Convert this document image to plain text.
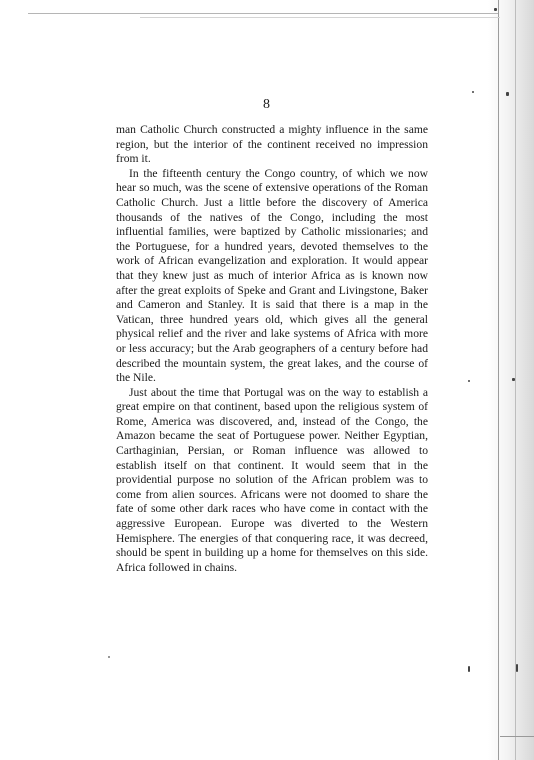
8

man Catholic Church constructed a mighty influence in the same region, but the interior of the continent received no impression from it.

In the fifteenth century the Congo country, of which we now hear so much, was the scene of extensive operations of the Roman Catholic Church. Just a little before the discovery of America thousands of the natives of the Congo, including the most influential families, were baptized by Catholic missionaries; and the Portuguese, for a hundred years, devoted themselves to the work of African evangelization and exploration. It would appear that they knew just as much of interior Africa as is known now after the great exploits of Speke and Grant and Livingstone, Baker and Cameron and Stanley. It is said that there is a map in the Vatican, three hundred years old, which gives all the general physical relief and the river and lake systems of Africa with more or less accuracy; but the Arab geographers of a century before had described the mountain system, the great lakes, and the course of the Nile.

Just about the time that Portugal was on the way to establish a great empire on that continent, based upon the religious system of Rome, America was discovered, and, instead of the Congo, the Amazon became the seat of Portuguese power. Neither Egyptian, Carthaginian, Persian, or Roman influence was allowed to establish itself on that continent. It would seem that in the providential purpose no solution of the African problem was to come from alien sources. Africans were not doomed to share the fate of some other dark races who have come in contact with the aggressive European. Europe was diverted to the Western Hemisphere. The energies of that conquering race, it was decreed, should be spent in building up a home for themselves on this side. Africa followed in chains.
